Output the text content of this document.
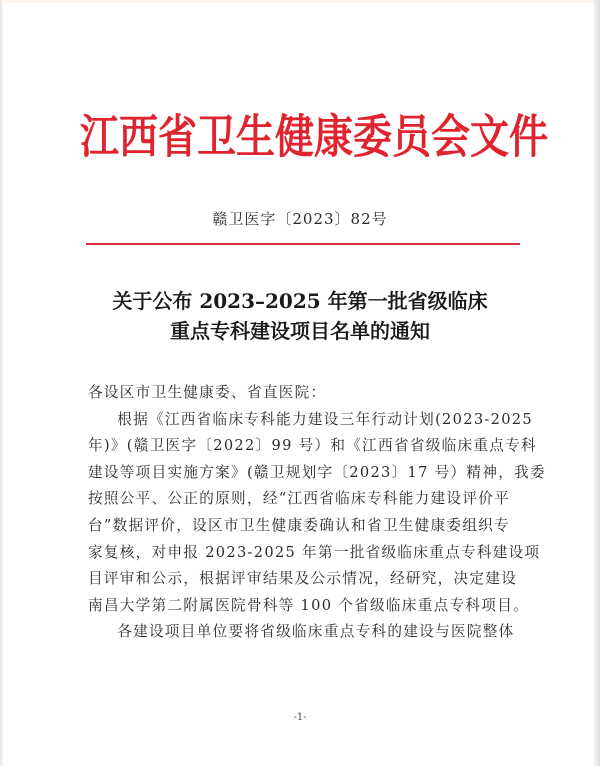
江西省卫生健康委员会文件
赣卫医字〔2023〕82号
关于公布 2023–2025 年第一批省级临床
重点专科建设项目名单的通知

各设区市卫生健康委、省直医院：

根据《江西省临床专科能力建设三年行动计划(2023-2025
年)》(赣卫医字〔2022〕99 号）和《江西省省级临床重点专科
建设等项目实施方案》(赣卫规划字〔2023〕17 号）精神，我委
按照公平、公正的原则，经“江西省临床专科能力建设评价平
台”数据评价，设区市卫生健康委确认和省卫生健康委组织专
家复核，对申报 2023-2025 年第一批省级临床重点专科建设项
目评审和公示，根据评审结果及公示情况，经研究，决定建设
南昌大学第二附属医院骨科等 100 个省级临床重点专科项目。

各建设项目单位要将省级临床重点专科的建设与医院整体

-1-
